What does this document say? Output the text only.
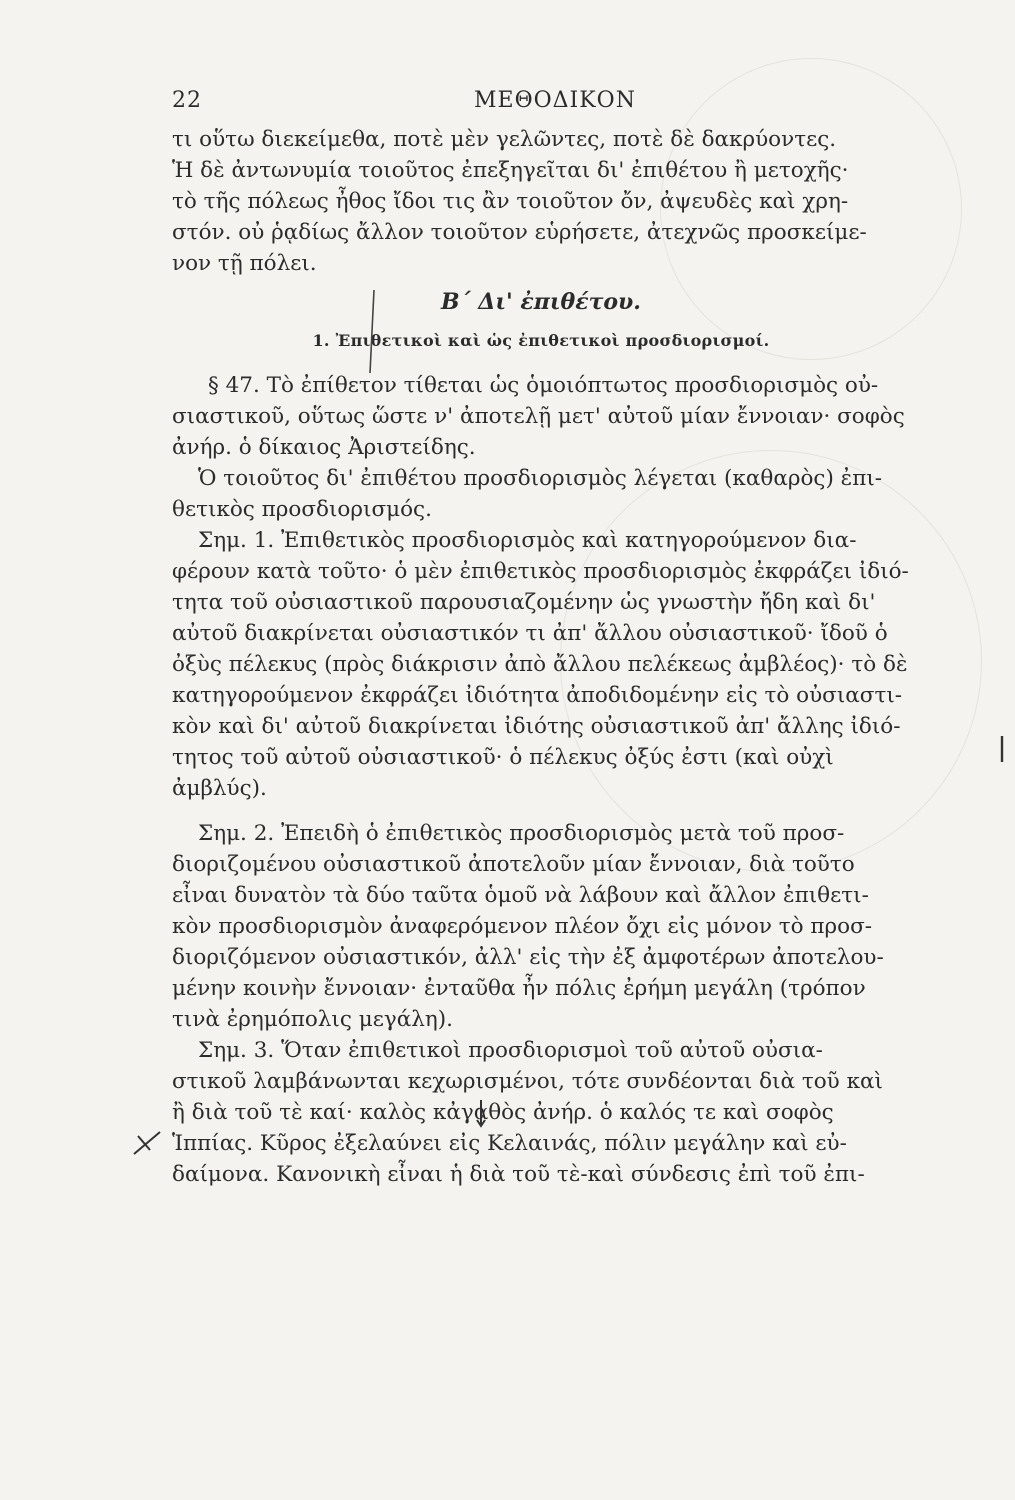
22	ΜΕΘΟΔΙΚΟΝ
τι οὕτω διεκείμεθα, ποτὲ μὲν γελῶντες, ποτὲ δὲ δακρύοντες.
Ἡ δὲ ἀντωνυμία τοιοῦτος ἐπεξηγεῖται δι' ἐπιθέτου ἢ μετοχῆς·
τὸ τῆς πόλεως ἦθος ἴδοι τις ἂν τοιοῦτον ὄν, ἀψευδὲς καὶ χρη-
στόν. οὐ ῥᾳδίως ἄλλον τοιοῦτον εὑρήσετε, ἀτεχνῶς προσκείμε-
νον τῇ πόλει.
Β΄ Δι' ἐπιθέτου.
1. Ἐπιθετικοὶ καὶ ὡς ἐπιθετικοὶ προσδιορισμοί.
§ 47. Τὸ ἐπίθετον τίθεται ὡς ὁμοιόπτωτος προσδιορισμὸς οὐ-
σιαστικοῦ, οὕτως ὥστε ν' ἀποτελῇ μετ' αὐτοῦ μίαν ἔννοιαν· σοφὸς
ἀνήρ. ὁ δίκαιος Ἀριστείδης.
Ὁ τοιοῦτος δι' ἐπιθέτου προσδιορισμὸς λέγεται (καθαρὸς) ἐπι-
θετικὸς προσδιορισμός.
Σημ. 1. Ἐπιθετικὸς προσδιορισμὸς καὶ κατηγορούμενον δια-
φέρουν κατὰ τοῦτο· ὁ μὲν ἐπιθετικὸς προσδιορισμὸς ἐκφράζει ἰδιό-
τητα τοῦ οὐσιαστικοῦ παρουσιαζομένην ὡς γνωστὴν ἤδη καὶ δι'
αὐτοῦ διακρίνεται οὐσιαστικόν τι ἀπ' ἄλλου οὐσιαστικοῦ· ἴδοῦ ὁ
ὀξὺς πέλεκυς (πρὸς διάκρισιν ἀπὸ ἄλλου πελέκεως ἀμβλέος)· τὸ δὲ
κατηγορούμενον ἐκφράζει ἰδιότητα ἀποδιδομένην εἰς τὸ οὐσιαστι-
κὸν καὶ δι' αὐτοῦ διακρίνεται ἰδιότης οὐσιαστικοῦ ἀπ' ἄλλης ἰδιό-
τητος τοῦ αὐτοῦ οὐσιαστικοῦ· ὁ πέλεκυς ὀξύς ἐστι (καὶ οὐχὶ
ἀμβλύς).
Σημ. 2. Ἐπειδὴ ὁ ἐπιθετικὸς προσδιορισμὸς μετὰ τοῦ προσ-
διοριζομένου οὐσιαστικοῦ ἀποτελοῦν μίαν ἔννοιαν, διὰ τοῦτο
εἶναι δυνατὸν τὰ δύο ταῦτα ὁμοῦ νὰ λάβουν καὶ ἄλλον ἐπιθετι-
κὸν προσδιορισμὸν ἀναφερόμενον πλέον ὄχι εἰς μόνον τὸ προσ-
διοριζόμενον οὐσιαστικόν, ἀλλ' εἰς τὴν ἐξ ἀμφοτέρων ἀποτελου-
μένην κοινὴν ἔννοιαν· ἐνταῦθα ἦν πόλις ἐρήμη μεγάλη (τρόπον
τινὰ ἐρημόπολις μεγάλη).
Σημ. 3. Ὅταν ἐπιθετικοὶ προσδιορισμοὶ τοῦ αὐτοῦ οὐσια-
στικοῦ λαμβάνωνται κεχωρισμένοι, τότε συνδέονται διὰ τοῦ καὶ
ἢ διὰ τοῦ τὲ καί· καλὸς κἀγαθὸς ἀνήρ. ὁ καλός τε καὶ σοφὸς
Ἱππίας. Κῦρος ἐξελαύνει εἰς Κελαινάς, πόλιν μεγάλην καὶ εὐ-
δαίμονα. Κανονικὴ εἶναι ἡ διὰ τοῦ τὲ-καὶ σύνδεσις ἐπὶ τοῦ ἐπι-
